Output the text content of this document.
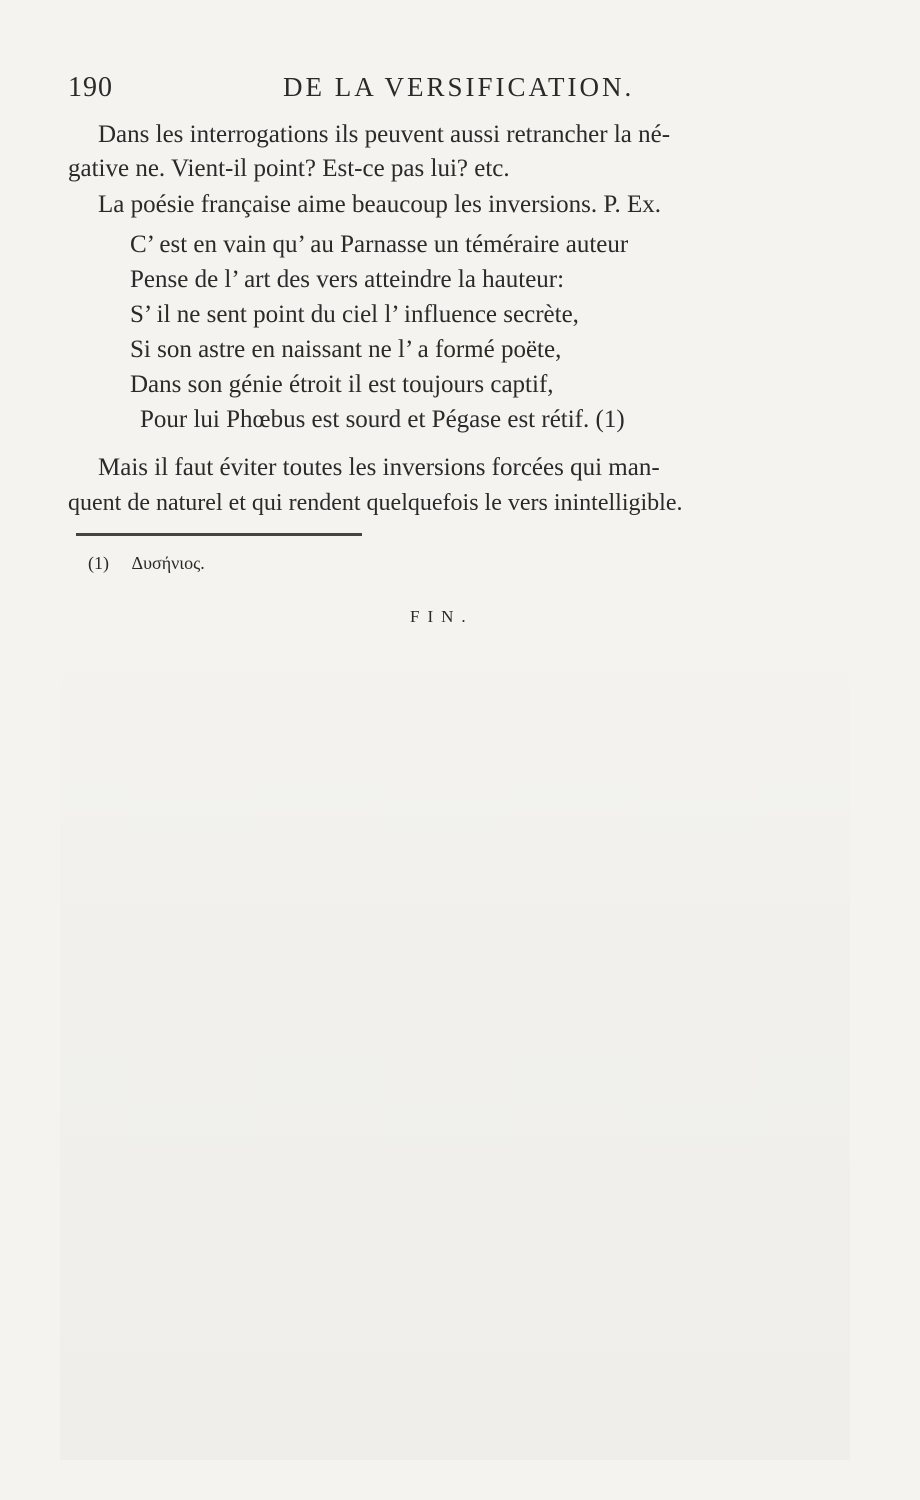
190	DE LA VERSIFICATION.
Dans les interrogations ils peuvent aussi retrancher la né-
gative ne. Vient-il point? Est-ce pas lui? etc.
La poésie française aime beaucoup les inversions. P. Ex.
C’ est en vain qu’ au Parnasse un téméraire auteur
Pense de l’ art des vers atteindre la hauteur:
S’ il ne sent point du ciel l’ influence secrète,
Si son astre en naissant ne l’ a formé poëte,
Dans son génie étroit il est toujours captif,
Pour lui Phœbus est sourd et Pégase est rétif. (1)
Mais il faut éviter toutes les inversions forcées qui man-
quent de naturel et qui rendent quelquefois le vers inintelligible.
(1) Δυσήνιος.
FIN.
